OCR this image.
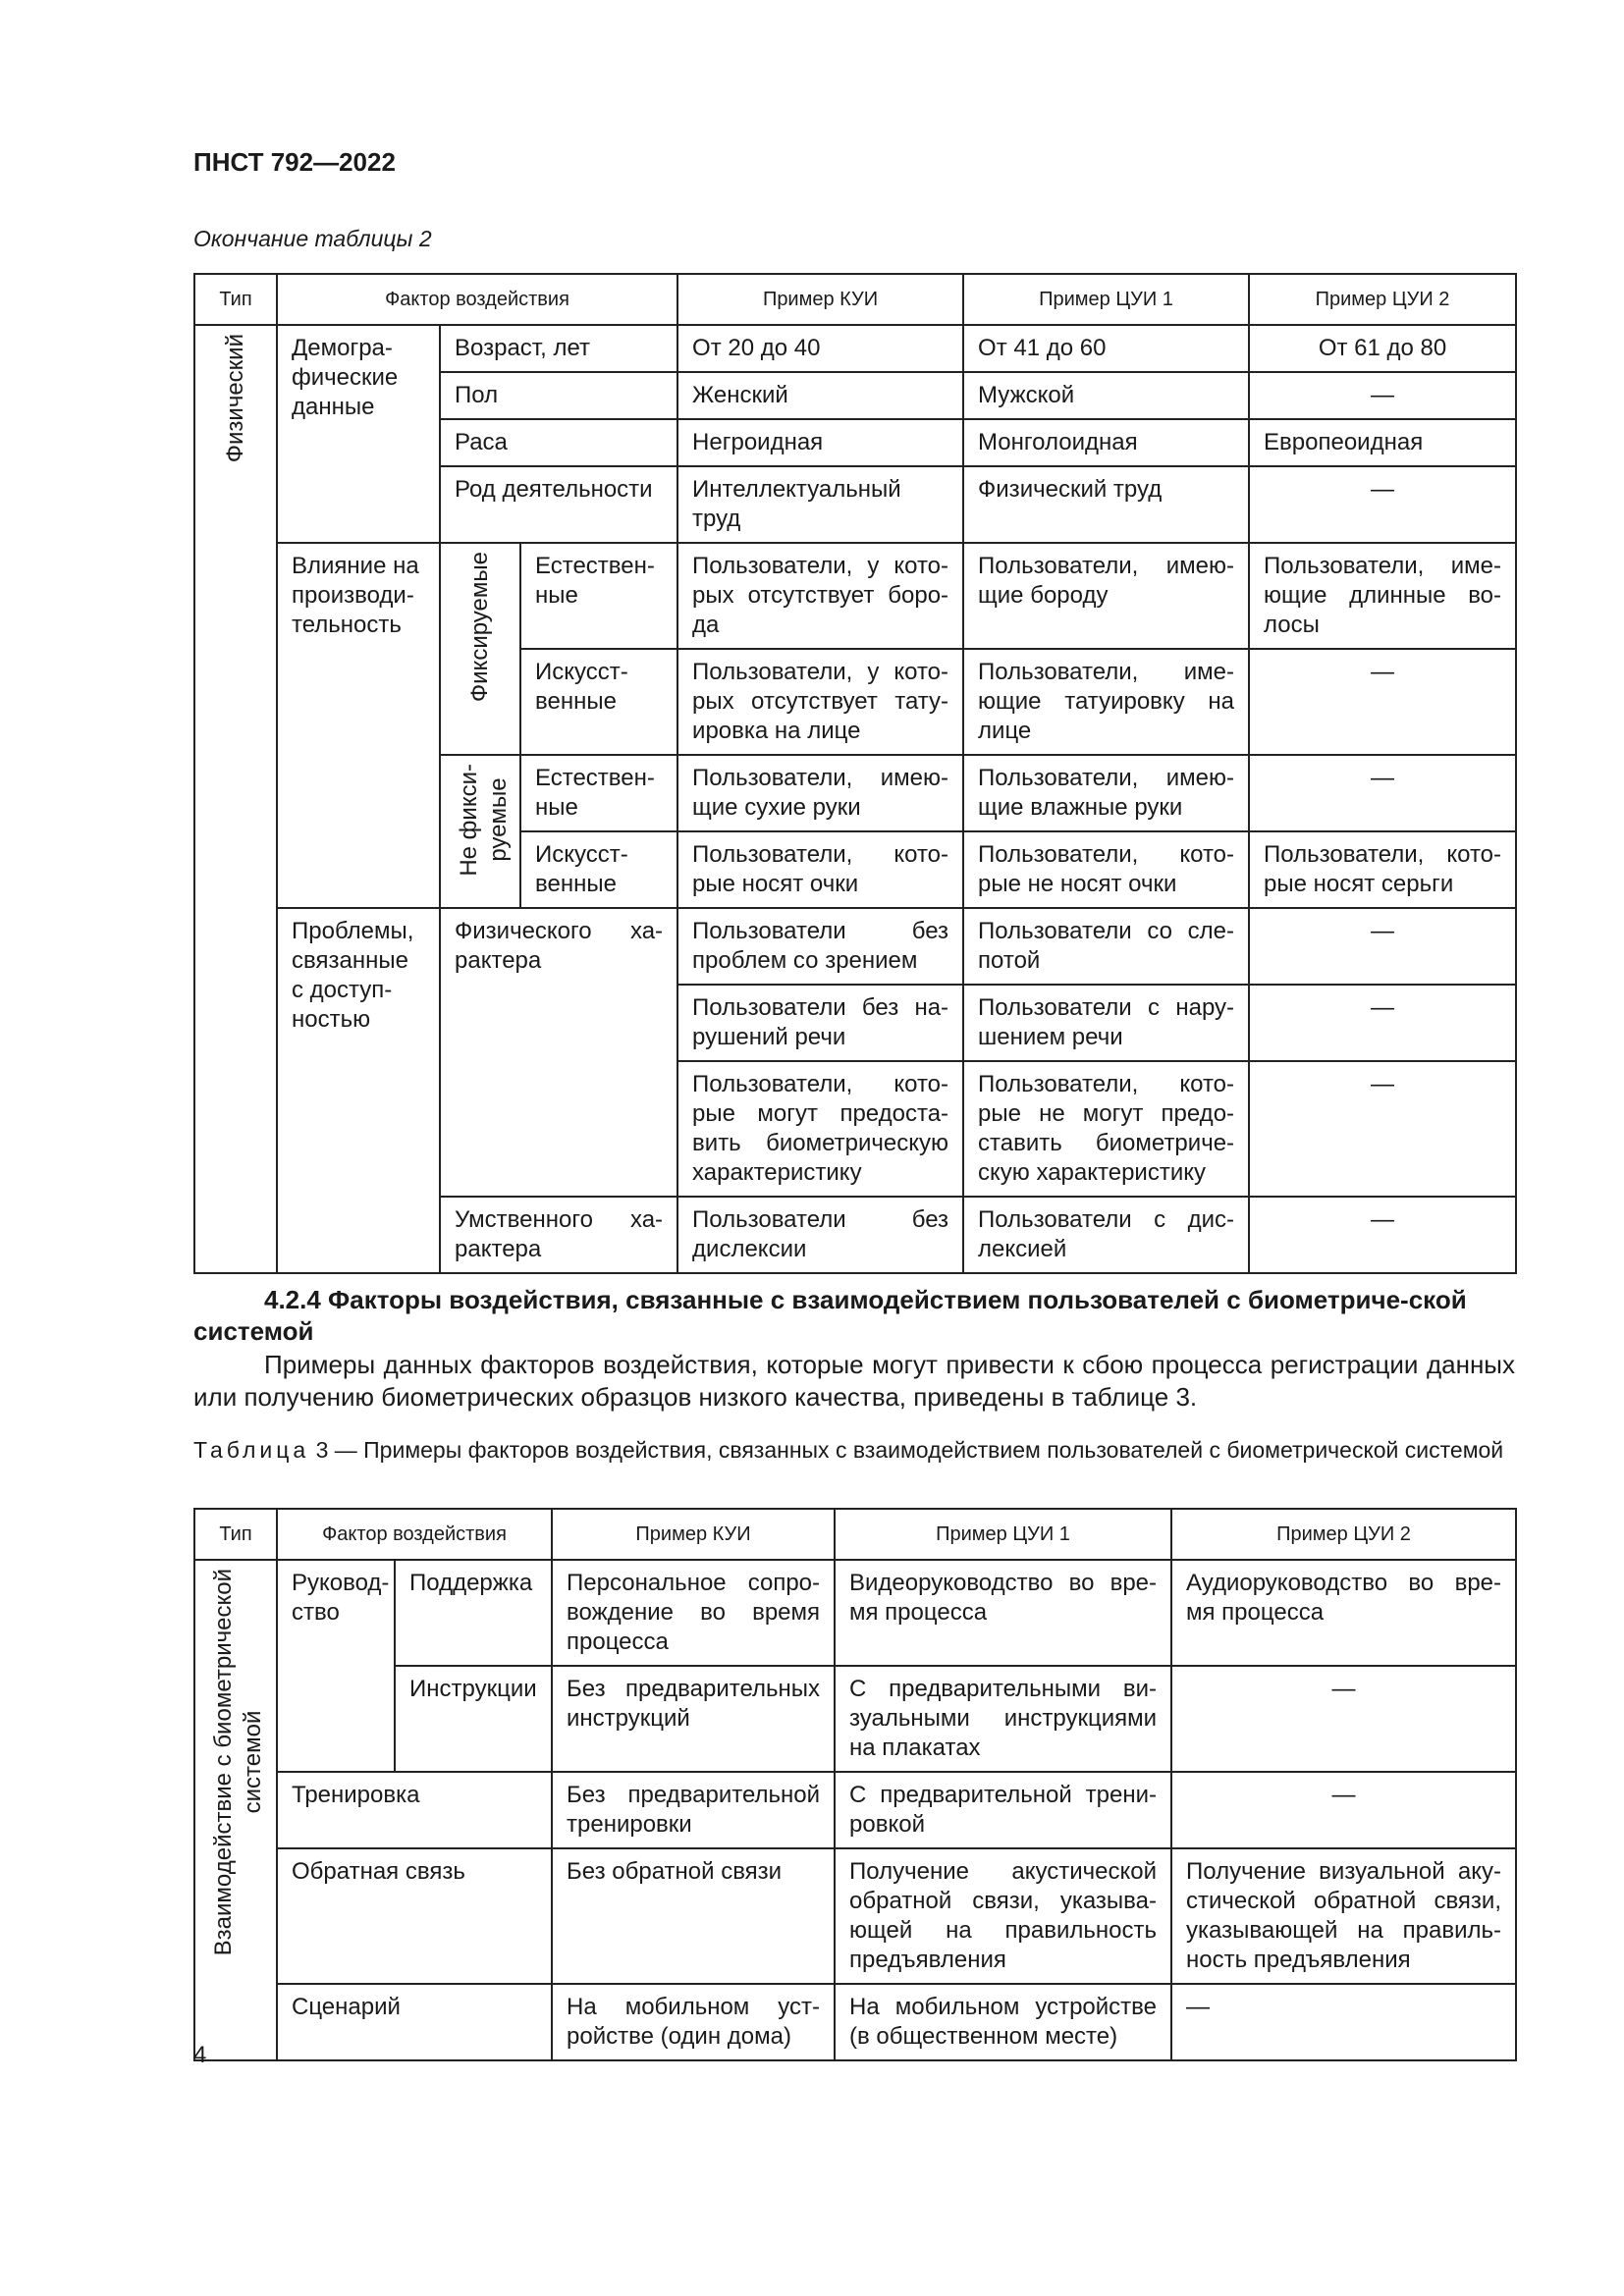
ПНСТ 792—2022
Окончание таблицы 2
Тип	Фактор воздействия			Пример КУИ	Пример ЦУИ 1	Пример ЦУИ 2
Физический	Демогра-фические данные	Возраст, лет		От 20 до 40	От 41 до 60	От 61 до 80
		Пол		Женский	Мужской	—
		Раса		Негроидная	Монголоидная	Европеоидная
		Род деятельности		Интеллектуальный труд	Физический труд	—
	Влияние на производи-тельность	Фиксируемые	Естествен-ные	Пользователи, у кото-рых отсутствует боро-да	Пользователи, имею-щие бороду	Пользователи, име-ющие длинные во-лосы
			Искусст-венные	Пользователи, у кото-рых отсутствует тату-ировка на лице	Пользователи, име-ющие татуировку на лице	—

		Не фикси- руемые	Естествен-ные	Пользователи, имею-щие сухие руки	Пользователи, имею-щие влажные руки	—
			Искусст-венные	Пользователи, кото-рые носят очки	Пользователи, кото-рые не носят очки	Пользователи, кото-рые носят серьги
	Проблемы, связанные с доступ-ностью	Физического ха-рактера		Пользователи без проблем со зрением	Пользователи со сле-потой	—
				Пользователи без на-рушений речи	Пользователи с нару-шением речи	—
				Пользователи, кото-рые могут предоста-вить биометрическую характеристику	Пользователи, кото-рые не могут предо-ставить биометриче-скую характеристику	—
		Умственного ха-рактера		Пользователи без дислексии	Пользователи с дис-лексией	—
4.2.4 Факторы воздействия, связанные с взаимодействием пользователей с биометриче-ской системой
Примеры данных факторов воздействия, которые могут привести к сбою процесса регистрации данных или получению биометрических образцов низкого качества, приведены в таблице 3.
Таблица 3 — Примеры факторов воздействия, связанных с взаимодействием пользователей с биометрической системой
Тип	Фактор воздействия		Пример КУИ	Пример ЦУИ 1	Пример ЦУИ 2

Взаимодействие с биометрической системой	Руковод-ство	Поддержка	Персональное сопро-вождение во время процесса	Видеоруководство во вре-мя процесса	Аудиоруководство во вре-мя процесса
		Инструкции	Без предварительных инструкций	С предварительными ви-зуальными инструкциями на плакатах	—
	Тренировка		Без предварительной тренировки	С предварительной трени-ровкой	—
	Обратная связь		Без обратной связи	Получение акустической обратной связи, указыва-ющей на правильность предъявления	Получение визуальной аку-стической обратной связи, указывающей на правиль-ность предъявления
	Сценарий		На мобильном уст-ройстве (один дома)	На мобильном устройстве (в общественном месте)	—
4
